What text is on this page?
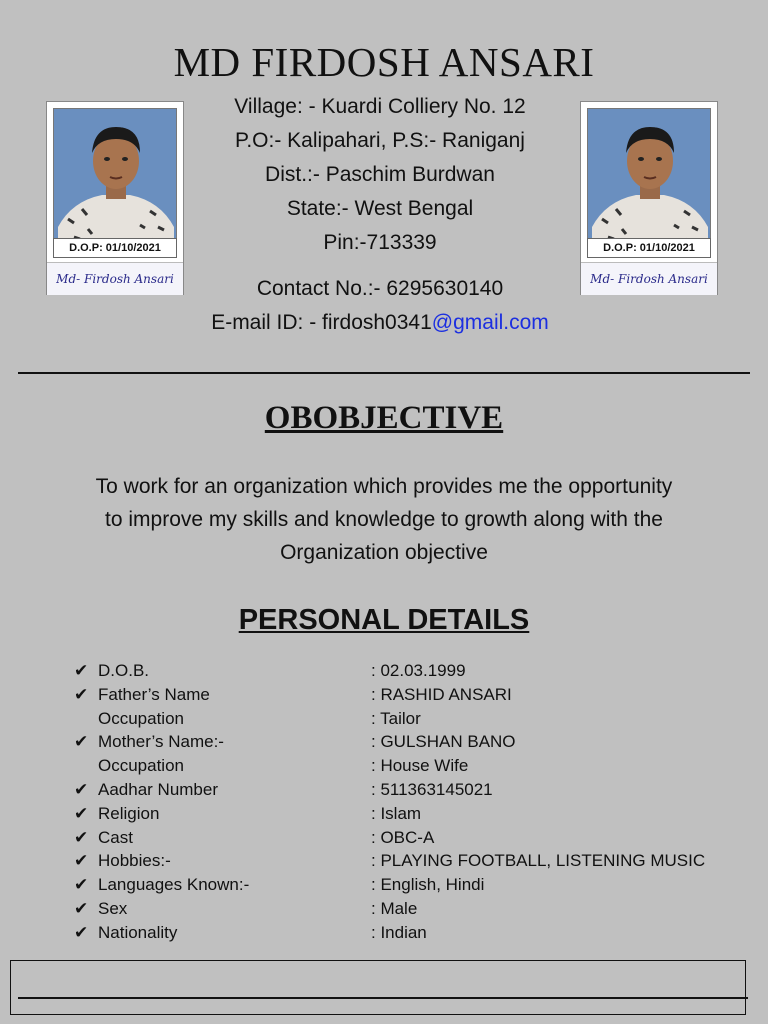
MD FIRDOSH ANSARI
Village: - Kuardi Colliery No. 12
P.O:- Kalipahari, P.S:- Raniganj
Dist.:- Paschim Burdwan
State:- West Bengal
Pin:-713339
Contact No.:- 6295630140
E-mail ID: - firdosh0341@gmail.com
D.O.P: 01/10/2021
Md- Firdosh Ansari
D.O.P: 01/10/2021
Md- Firdosh Ansari
OBOBJECTIVE
To work for an organization which provides me the opportunity
to improve my skills and knowledge to growth along with the
Organization objective
PERSONAL DETAILS
✔ D.O.B.	: 02.03.1999
✔ Father’s Name	: RASHID ANSARI
Occupation	: Tailor
✔ Mother’s Name:-	: GULSHAN BANO
Occupation	: House Wife
✔ Aadhar Number	: 511363145021
✔ Religion	: Islam
✔ Cast	: OBC-A
✔ Hobbies:-	: PLAYING FOOTBALL, LISTENING MUSIC
✔ Languages Known:-	: English, Hindi
✔ Sex	: Male
✔ Nationality	: Indian
